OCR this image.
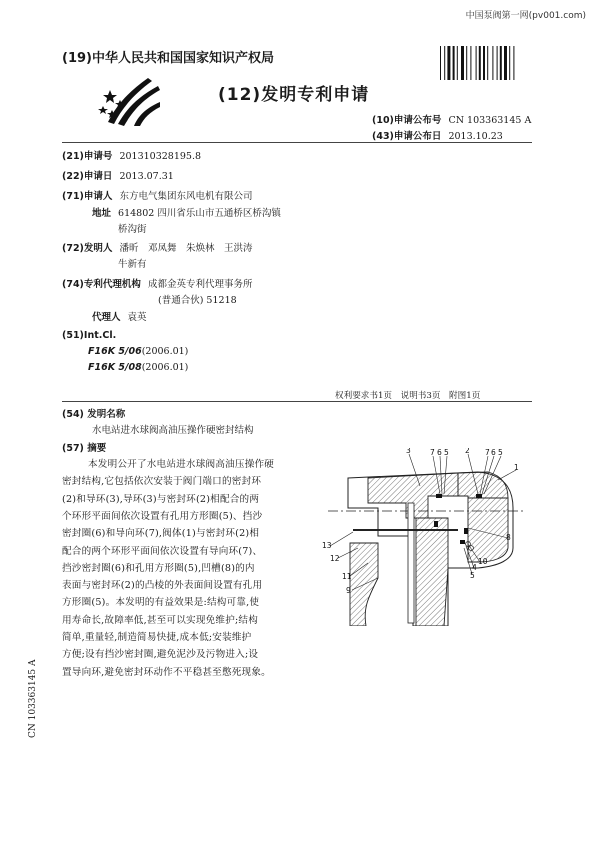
中国泵阀第一网(pv001.com)
(19)中华人民共和国国家知识产权局
(12)发明专利申请
(10)申请公布号 CN 103363145 A
(43)申请公布日 2013.10.23
(21)申请号 201310328195.8
(22)申请日 2013.07.31
(71)申请人 东方电气集团东风电机有限公司
地址 614802 四川省乐山市五通桥区桥沟镇
桥沟街
(72)发明人 潘昕　邓凤舞　朱焕林　王洪涛
牛新有
(74)专利代理机构 成都金英专利代理事务所
(普通合伙) 51218
代理人 袁英
(51)Int.Cl.
F16K 5/06(2006.01)
F16K 5/08(2006.01)
权利要求书1页　说明书3页　附图1页
(54) 发明名称
水电站进水球阀高油压操作硬密封结构
(57) 摘要
本发明公开了水电站进水球阀高油压操作硬
密封结构,它包括依次安装于阀门端口的密封环
(2)和导环(3),导环(3)与密封环(2)相配合的两
个环形平面间依次设置有孔用方形圈(5)、挡沙
密封圈(6)和导向环(7),阀体(1)与密封环(2)相
配合的两个环形平面间依次设置有导向环(7)、
挡沙密封圈(6)和孔用方形圈(5),凹槽(8)的内
表面与密封环(2)的凸棱的外表面间设置有孔用
方形圈(5)。本发明的有益效果是:结构可靠,使
用寿命长,故障率低,甚至可以实现免维护;结构
简单,重量轻,制造简易快捷,成本低;安装维护
方便;设有挡沙密封圈,避免泥沙及污物进入;设
置导向环,避免密封环动作不平稳甚至憋死现象。
CN 103363145 A
3	7 6 5 2 7 6 5
1
8
10
4
5
13
12
11
9
